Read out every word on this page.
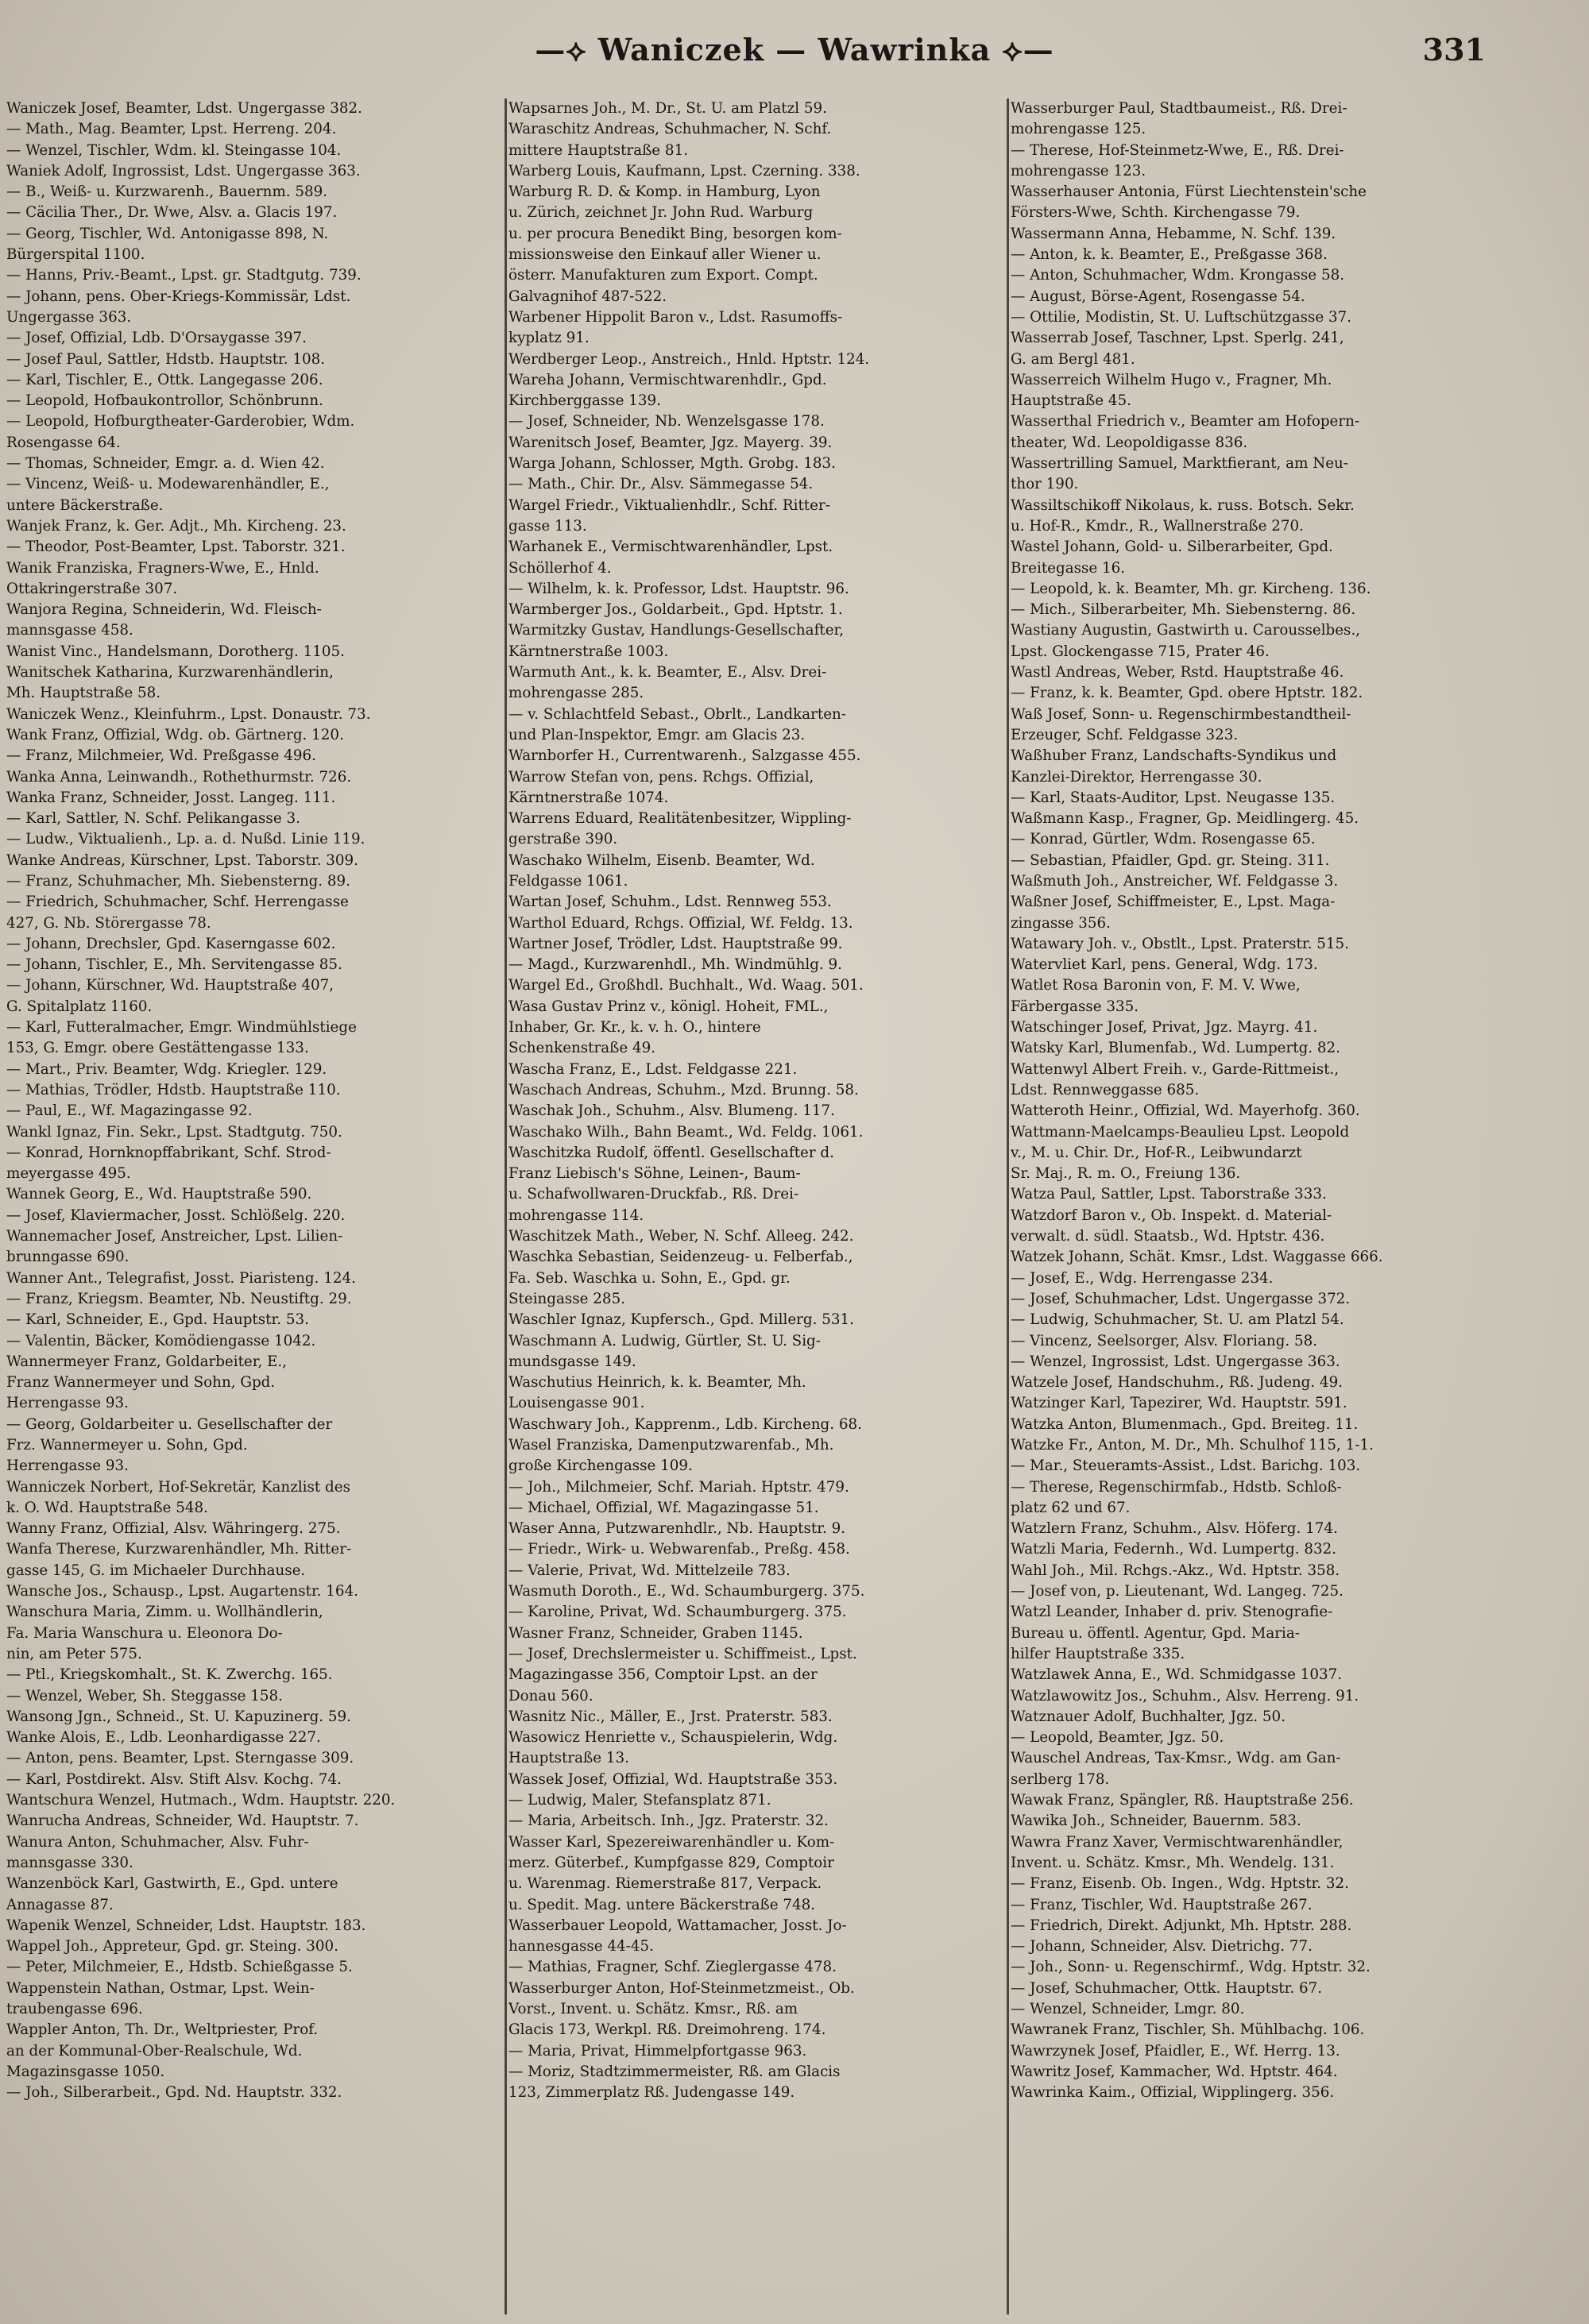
—⟡ Waniczek — Wawrinka ⟡—	331
Waniczek Josef, Beamter, Ldst. Ungergasse 382.
— Math., Mag. Beamter, Lpst. Herreng. 204.
— Wenzel, Tischler, Wdm. kl. Steingasse 104.
Waniek Adolf, Ingrossist, Ldst. Ungergasse 363.
— B., Weiß- u. Kurzwarenh., Bauernm. 589.
— Cäcilia Ther., Dr. Wwe, Alsv. a. Glacis 197.
— Georg, Tischler, Wd. Antonigasse 898, N.
Bürgerspital 1100.
— Hanns, Priv.-Beamt., Lpst. gr. Stadtgutg. 739.
— Johann, pens. Ober-Kriegs-Kommissär, Ldst.
Ungergasse 363.
— Josef, Offizial, Ldb. D'Orsaygasse 397.
— Josef Paul, Sattler, Hdstb. Hauptstr. 108.
— Karl, Tischler, E., Ottk. Langegasse 206.
— Leopold, Hofbaukontrollor, Schönbrunn.
— Leopold, Hofburgtheater-Garderobier, Wdm.
Rosengasse 64.
— Thomas, Schneider, Emgr. a. d. Wien 42.
— Vincenz, Weiß- u. Modewarenhändler, E.,
untere Bäckerstraße.
Wanjek Franz, k. Ger. Adjt., Mh. Kircheng. 23.
— Theodor, Post-Beamter, Lpst. Taborstr. 321.
Wanik Franziska, Fragners-Wwe, E., Hnld.
Ottakringerstraße 307.
Wanjora Regina, Schneiderin, Wd. Fleisch-
mannsgasse 458.
Wanist Vinc., Handelsmann, Dorotherg. 1105.
Wanitschek Katharina, Kurzwarenhändlerin,
Mh. Hauptstraße 58.
Waniczek Wenz., Kleinfuhrm., Lpst. Donaustr. 73.
Wank Franz, Offizial, Wdg. ob. Gärtnerg. 120.
— Franz, Milchmeier, Wd. Preßgasse 496.
Wanka Anna, Leinwandh., Rothethurmstr. 726.
Wanka Franz, Schneider, Josst. Langeg. 111.
— Karl, Sattler, N. Schf. Pelikangasse 3.
— Ludw., Viktualienh., Lp. a. d. Nußd. Linie 119.
Wanke Andreas, Kürschner, Lpst. Taborstr. 309.
— Franz, Schuhmacher, Mh. Siebensterng. 89.
— Friedrich, Schuhmacher, Schf. Herrengasse
427, G. Nb. Störergasse 78.
— Johann, Drechsler, Gpd. Kaserngasse 602.
— Johann, Tischler, E., Mh. Servitengasse 85.
— Johann, Kürschner, Wd. Hauptstraße 407,
G. Spitalplatz 1160.
— Karl, Futteralmacher, Emgr. Windmühlstiege
153, G. Emgr. obere Gestättengasse 133.
— Mart., Priv. Beamter, Wdg. Kriegler. 129.
— Mathias, Trödler, Hdstb. Hauptstraße 110.
— Paul, E., Wf. Magazingasse 92.
Wankl Ignaz, Fin. Sekr., Lpst. Stadtgutg. 750.
— Konrad, Hornknopffabrikant, Schf. Strod-
meyergasse 495.
Wannek Georg, E., Wd. Hauptstraße 590.
— Josef, Klaviermacher, Josst. Schlößelg. 220.
Wannemacher Josef, Anstreicher, Lpst. Lilien-
brunngasse 690.
Wanner Ant., Telegrafist, Josst. Piaristeng. 124.
— Franz, Kriegsm. Beamter, Nb. Neustiftg. 29.
— Karl, Schneider, E., Gpd. Hauptstr. 53.
— Valentin, Bäcker, Komödiengasse 1042.
Wannermeyer Franz, Goldarbeiter, E.,
Franz Wannermeyer und Sohn, Gpd.
Herrengasse 93.
— Georg, Goldarbeiter u. Gesellschafter der
Frz. Wannermeyer u. Sohn, Gpd.
Herrengasse 93.
Wanniczek Norbert, Hof-Sekretär, Kanzlist des
k. O. Wd. Hauptstraße 548.
Wanny Franz, Offizial, Alsv. Währingerg. 275.
Wanfa Therese, Kurzwarenhändler, Mh. Ritter-
gasse 145, G. im Michaeler Durchhause.
Wansche Jos., Schausp., Lpst. Augartenstr. 164.
Wanschura Maria, Zimm. u. Wollhändlerin,
Fa. Maria Wanschura u. Eleonora Do-
nin, am Peter 575.
— Ptl., Kriegskomhalt., St. K. Zwerchg. 165.
— Wenzel, Weber, Sh. Steggasse 158.
Wansong Jgn., Schneid., St. U. Kapuzinerg. 59.
Wanke Alois, E., Ldb. Leonhardigasse 227.
— Anton, pens. Beamter, Lpst. Sterngasse 309.
— Karl, Postdirekt. Alsv. Stift Alsv. Kochg. 74.
Wantschura Wenzel, Hutmach., Wdm. Hauptstr. 220.
Wanrucha Andreas, Schneider, Wd. Hauptstr. 7.
Wanura Anton, Schuhmacher, Alsv. Fuhr-
mannsgasse 330.
Wanzenböck Karl, Gastwirth, E., Gpd. untere
Annagasse 87.
Wapenik Wenzel, Schneider, Ldst. Hauptstr. 183.
Wappel Joh., Appreteur, Gpd. gr. Steing. 300.
— Peter, Milchmeier, E., Hdstb. Schießgasse 5.
Wappenstein Nathan, Ostmar, Lpst. Wein-
traubengasse 696.
Wappler Anton, Th. Dr., Weltpriester, Prof.
an der Kommunal-Ober-Realschule, Wd.
Magazinsgasse 1050.
— Joh., Silberarbeit., Gpd. Nd. Hauptstr. 332.
Wapsarnes Joh., M. Dr., St. U. am Platzl 59.
Waraschitz Andreas, Schuhmacher, N. Schf.
mittere Hauptstraße 81.
Warberg Louis, Kaufmann, Lpst. Czerning. 338.
Warburg R. D. & Komp. in Hamburg, Lyon
u. Zürich, zeichnet Jr. John Rud. Warburg
u. per procura Benedikt Bing, besorgen kom-
missionsweise den Einkauf aller Wiener u.
österr. Manufakturen zum Export. Compt.
Galvagnihof 487-522.
Warbener Hippolit Baron v., Ldst. Rasumoffs-
kyplatz 91.
Werdberger Leop., Anstreich., Hnld. Hptstr. 124.
Wareha Johann, Vermischtwarenhdlr., Gpd.
Kirchberggasse 139.
— Josef, Schneider, Nb. Wenzelsgasse 178.
Warenitsch Josef, Beamter, Jgz. Mayerg. 39.
Warga Johann, Schlosser, Mgth. Grobg. 183.
— Math., Chir. Dr., Alsv. Sämmegasse 54.
Wargel Friedr., Viktualienhdlr., Schf. Ritter-
gasse 113.
Warhanek E., Vermischtwarenhändler, Lpst.
Schöllerhof 4.
— Wilhelm, k. k. Professor, Ldst. Hauptstr. 96.
Warmberger Jos., Goldarbeit., Gpd. Hptstr. 1.
Warmitzky Gustav, Handlungs-Gesellschafter,
Kärntnerstraße 1003.
Warmuth Ant., k. k. Beamter, E., Alsv. Drei-
mohrengasse 285.
— v. Schlachtfeld Sebast., Obrlt., Landkarten-
und Plan-Inspektor, Emgr. am Glacis 23.
Warnborfer H., Currentwarenh., Salzgasse 455.
Warrow Stefan von, pens. Rchgs. Offizial,
Kärntnerstraße 1074.
Warrens Eduard, Realitätenbesitzer, Wippling-
gerstraße 390.
Waschako Wilhelm, Eisenb. Beamter, Wd.
Feldgasse 1061.
Wartan Josef, Schuhm., Ldst. Rennweg 553.
Warthol Eduard, Rchgs. Offizial, Wf. Feldg. 13.
Wartner Josef, Trödler, Ldst. Hauptstraße 99.
— Magd., Kurzwarenhdl., Mh. Windmühlg. 9.
Wargel Ed., Großhdl. Buchhalt., Wd. Waag. 501.
Wasa Gustav Prinz v., königl. Hoheit, FML.,
Inhaber, Gr. Kr., k. v. h. O., hintere
Schenkenstraße 49.
Wascha Franz, E., Ldst. Feldgasse 221.
Waschach Andreas, Schuhm., Mzd. Brunng. 58.
Waschak Joh., Schuhm., Alsv. Blumeng. 117.
Waschako Wilh., Bahn Beamt., Wd. Feldg. 1061.
Waschitzka Rudolf, öffentl. Gesellschafter d.
Franz Liebisch's Söhne, Leinen-, Baum-
u. Schafwollwaren-Druckfab., Rß. Drei-
mohrengasse 114.
Waschitzek Math., Weber, N. Schf. Alleeg. 242.
Waschka Sebastian, Seidenzeug- u. Felberfab.,
Fa. Seb. Waschka u. Sohn, E., Gpd. gr.
Steingasse 285.
Waschler Ignaz, Kupfersch., Gpd. Millerg. 531.
Waschmann A. Ludwig, Gürtler, St. U. Sig-
mundsgasse 149.
Waschutius Heinrich, k. k. Beamter, Mh.
Louisengasse 901.
Waschwary Joh., Kapprenm., Ldb. Kircheng. 68.
Wasel Franziska, Damenputzwarenfab., Mh.
große Kirchengasse 109.
— Joh., Milchmeier, Schf. Mariah. Hptstr. 479.
— Michael, Offizial, Wf. Magazingasse 51.
Waser Anna, Putzwarenhdlr., Nb. Hauptstr. 9.
— Friedr., Wirk- u. Webwarenfab., Preßg. 458.
— Valerie, Privat, Wd. Mittelzeile 783.
Wasmuth Doroth., E., Wd. Schaumburgerg. 375.
— Karoline, Privat, Wd. Schaumburgerg. 375.
Wasner Franz, Schneider, Graben 1145.
— Josef, Drechslermeister u. Schiffmeist., Lpst.
Magazingasse 356, Comptoir Lpst. an der
Donau 560.
Wasnitz Nic., Mäller, E., Jrst. Praterstr. 583.
Wasowicz Henriette v., Schauspielerin, Wdg.
Hauptstraße 13.
Wassek Josef, Offizial, Wd. Hauptstraße 353.
— Ludwig, Maler, Stefansplatz 871.
— Maria, Arbeitsch. Inh., Jgz. Praterstr. 32.
Wasser Karl, Spezereiwarenhändler u. Kom-
merz. Güterbef., Kumpfgasse 829, Comptoir
u. Warenmag. Riemerstraße 817, Verpack.
u. Spedit. Mag. untere Bäckerstraße 748.
Wasserbauer Leopold, Wattamacher, Josst. Jo-
hannesgasse 44-45.
— Mathias, Fragner, Schf. Zieglergasse 478.
Wasserburger Anton, Hof-Steinmetzmeist., Ob.
Vorst., Invent. u. Schätz. Kmsr., Rß. am
Glacis 173, Werkpl. Rß. Dreimohreng. 174.
— Maria, Privat, Himmelpfortgasse 963.
— Moriz, Stadtzimmermeister, Rß. am Glacis
123, Zimmerplatz Rß. Judengasse 149.
Wasserburger Paul, Stadtbaumeist., Rß. Drei-
mohrengasse 125.
— Therese, Hof-Steinmetz-Wwe, E., Rß. Drei-
mohrengasse 123.
Wasserhauser Antonia, Fürst Liechtenstein'sche
Försters-Wwe, Schth. Kirchengasse 79.
Wassermann Anna, Hebamme, N. Schf. 139.
— Anton, k. k. Beamter, E., Preßgasse 368.
— Anton, Schuhmacher, Wdm. Krongasse 58.
— August, Börse-Agent, Rosengasse 54.
— Ottilie, Modistin, St. U. Luftschützgasse 37.
Wasserrab Josef, Taschner, Lpst. Sperlg. 241,
G. am Bergl 481.
Wasserreich Wilhelm Hugo v., Fragner, Mh.
Hauptstraße 45.
Wasserthal Friedrich v., Beamter am Hofopern-
theater, Wd. Leopoldigasse 836.
Wassertrilling Samuel, Marktfierant, am Neu-
thor 190.
Wassiltschikoff Nikolaus, k. russ. Botsch. Sekr.
u. Hof-R., Kmdr., R., Wallnerstraße 270.
Wastel Johann, Gold- u. Silberarbeiter, Gpd.
Breitegasse 16.
— Leopold, k. k. Beamter, Mh. gr. Kircheng. 136.
— Mich., Silberarbeiter, Mh. Siebensterng. 86.
Wastiany Augustin, Gastwirth u. Carousselbes.,
Lpst. Glockengasse 715, Prater 46.
Wastl Andreas, Weber, Rstd. Hauptstraße 46.
— Franz, k. k. Beamter, Gpd. obere Hptstr. 182.
Waß Josef, Sonn- u. Regenschirmbestandtheil-
Erzeuger, Schf. Feldgasse 323.
Waßhuber Franz, Landschafts-Syndikus und
Kanzlei-Direktor, Herrengasse 30.
— Karl, Staats-Auditor, Lpst. Neugasse 135.
Waßmann Kasp., Fragner, Gp. Meidlingerg. 45.
— Konrad, Gürtler, Wdm. Rosengasse 65.
— Sebastian, Pfaidler, Gpd. gr. Steing. 311.
Waßmuth Joh., Anstreicher, Wf. Feldgasse 3.
Waßner Josef, Schiffmeister, E., Lpst. Maga-
zingasse 356.
Watawary Joh. v., Obstlt., Lpst. Praterstr. 515.
Watervliet Karl, pens. General, Wdg. 173.
Watlet Rosa Baronin von, F. M. V. Wwe,
Färbergasse 335.
Watschinger Josef, Privat, Jgz. Mayrg. 41.
Watsky Karl, Blumenfab., Wd. Lumpertg. 82.
Wattenwyl Albert Freih. v., Garde-Rittmeist.,
Ldst. Rennweggasse 685.
Watteroth Heinr., Offizial, Wd. Mayerhofg. 360.
Wattmann-Maelcamps-Beaulieu Lpst. Leopold
v., M. u. Chir. Dr., Hof-R., Leibwundarzt
Sr. Maj., R. m. O., Freiung 136.
Watza Paul, Sattler, Lpst. Taborstraße 333.
Watzdorf Baron v., Ob. Inspekt. d. Material-
verwalt. d. südl. Staatsb., Wd. Hptstr. 436.
Watzek Johann, Schät. Kmsr., Ldst. Waggasse 666.
— Josef, E., Wdg. Herrengasse 234.
— Josef, Schuhmacher, Ldst. Ungergasse 372.
— Ludwig, Schuhmacher, St. U. am Platzl 54.
— Vincenz, Seelsorger, Alsv. Floriang. 58.
— Wenzel, Ingrossist, Ldst. Ungergasse 363.
Watzele Josef, Handschuhm., Rß. Judeng. 49.
Watzinger Karl, Tapezirer, Wd. Hauptstr. 591.
Watzka Anton, Blumenmach., Gpd. Breiteg. 11.
Watzke Fr., Anton, M. Dr., Mh. Schulhof 115, 1-1.
— Mar., Steueramts-Assist., Ldst. Barichg. 103.
— Therese, Regenschirmfab., Hdstb. Schloß-
platz 62 und 67.
Watzlern Franz, Schuhm., Alsv. Höferg. 174.
Watzli Maria, Federnh., Wd. Lumpertg. 832.
Wahl Joh., Mil. Rchgs.-Akz., Wd. Hptstr. 358.
— Josef von, p. Lieutenant, Wd. Langeg. 725.
Watzl Leander, Inhaber d. priv. Stenografie-
Bureau u. öffentl. Agentur, Gpd. Maria-
hilfer Hauptstraße 335.
Watzlawek Anna, E., Wd. Schmidgasse 1037.
Watzlawowitz Jos., Schuhm., Alsv. Herreng. 91.
Watznauer Adolf, Buchhalter, Jgz. 50.
— Leopold, Beamter, Jgz. 50.
Wauschel Andreas, Tax-Kmsr., Wdg. am Gan-
serlberg 178.
Wawak Franz, Spängler, Rß. Hauptstraße 256.
Wawika Joh., Schneider, Bauernm. 583.
Wawra Franz Xaver, Vermischtwarenhändler,
Invent. u. Schätz. Kmsr., Mh. Wendelg. 131.
— Franz, Eisenb. Ob. Ingen., Wdg. Hptstr. 32.
— Franz, Tischler, Wd. Hauptstraße 267.
— Friedrich, Direkt. Adjunkt, Mh. Hptstr. 288.
— Johann, Schneider, Alsv. Dietrichg. 77.
— Joh., Sonn- u. Regenschirmf., Wdg. Hptstr. 32.
— Josef, Schuhmacher, Ottk. Hauptstr. 67.
— Wenzel, Schneider, Lmgr. 80.
Wawranek Franz, Tischler, Sh. Mühlbachg. 106.
Wawrzynek Josef, Pfaidler, E., Wf. Herrg. 13.
Wawritz Josef, Kammacher, Wd. Hptstr. 464.
Wawrinka Kaim., Offizial, Wipplingerg. 356.
